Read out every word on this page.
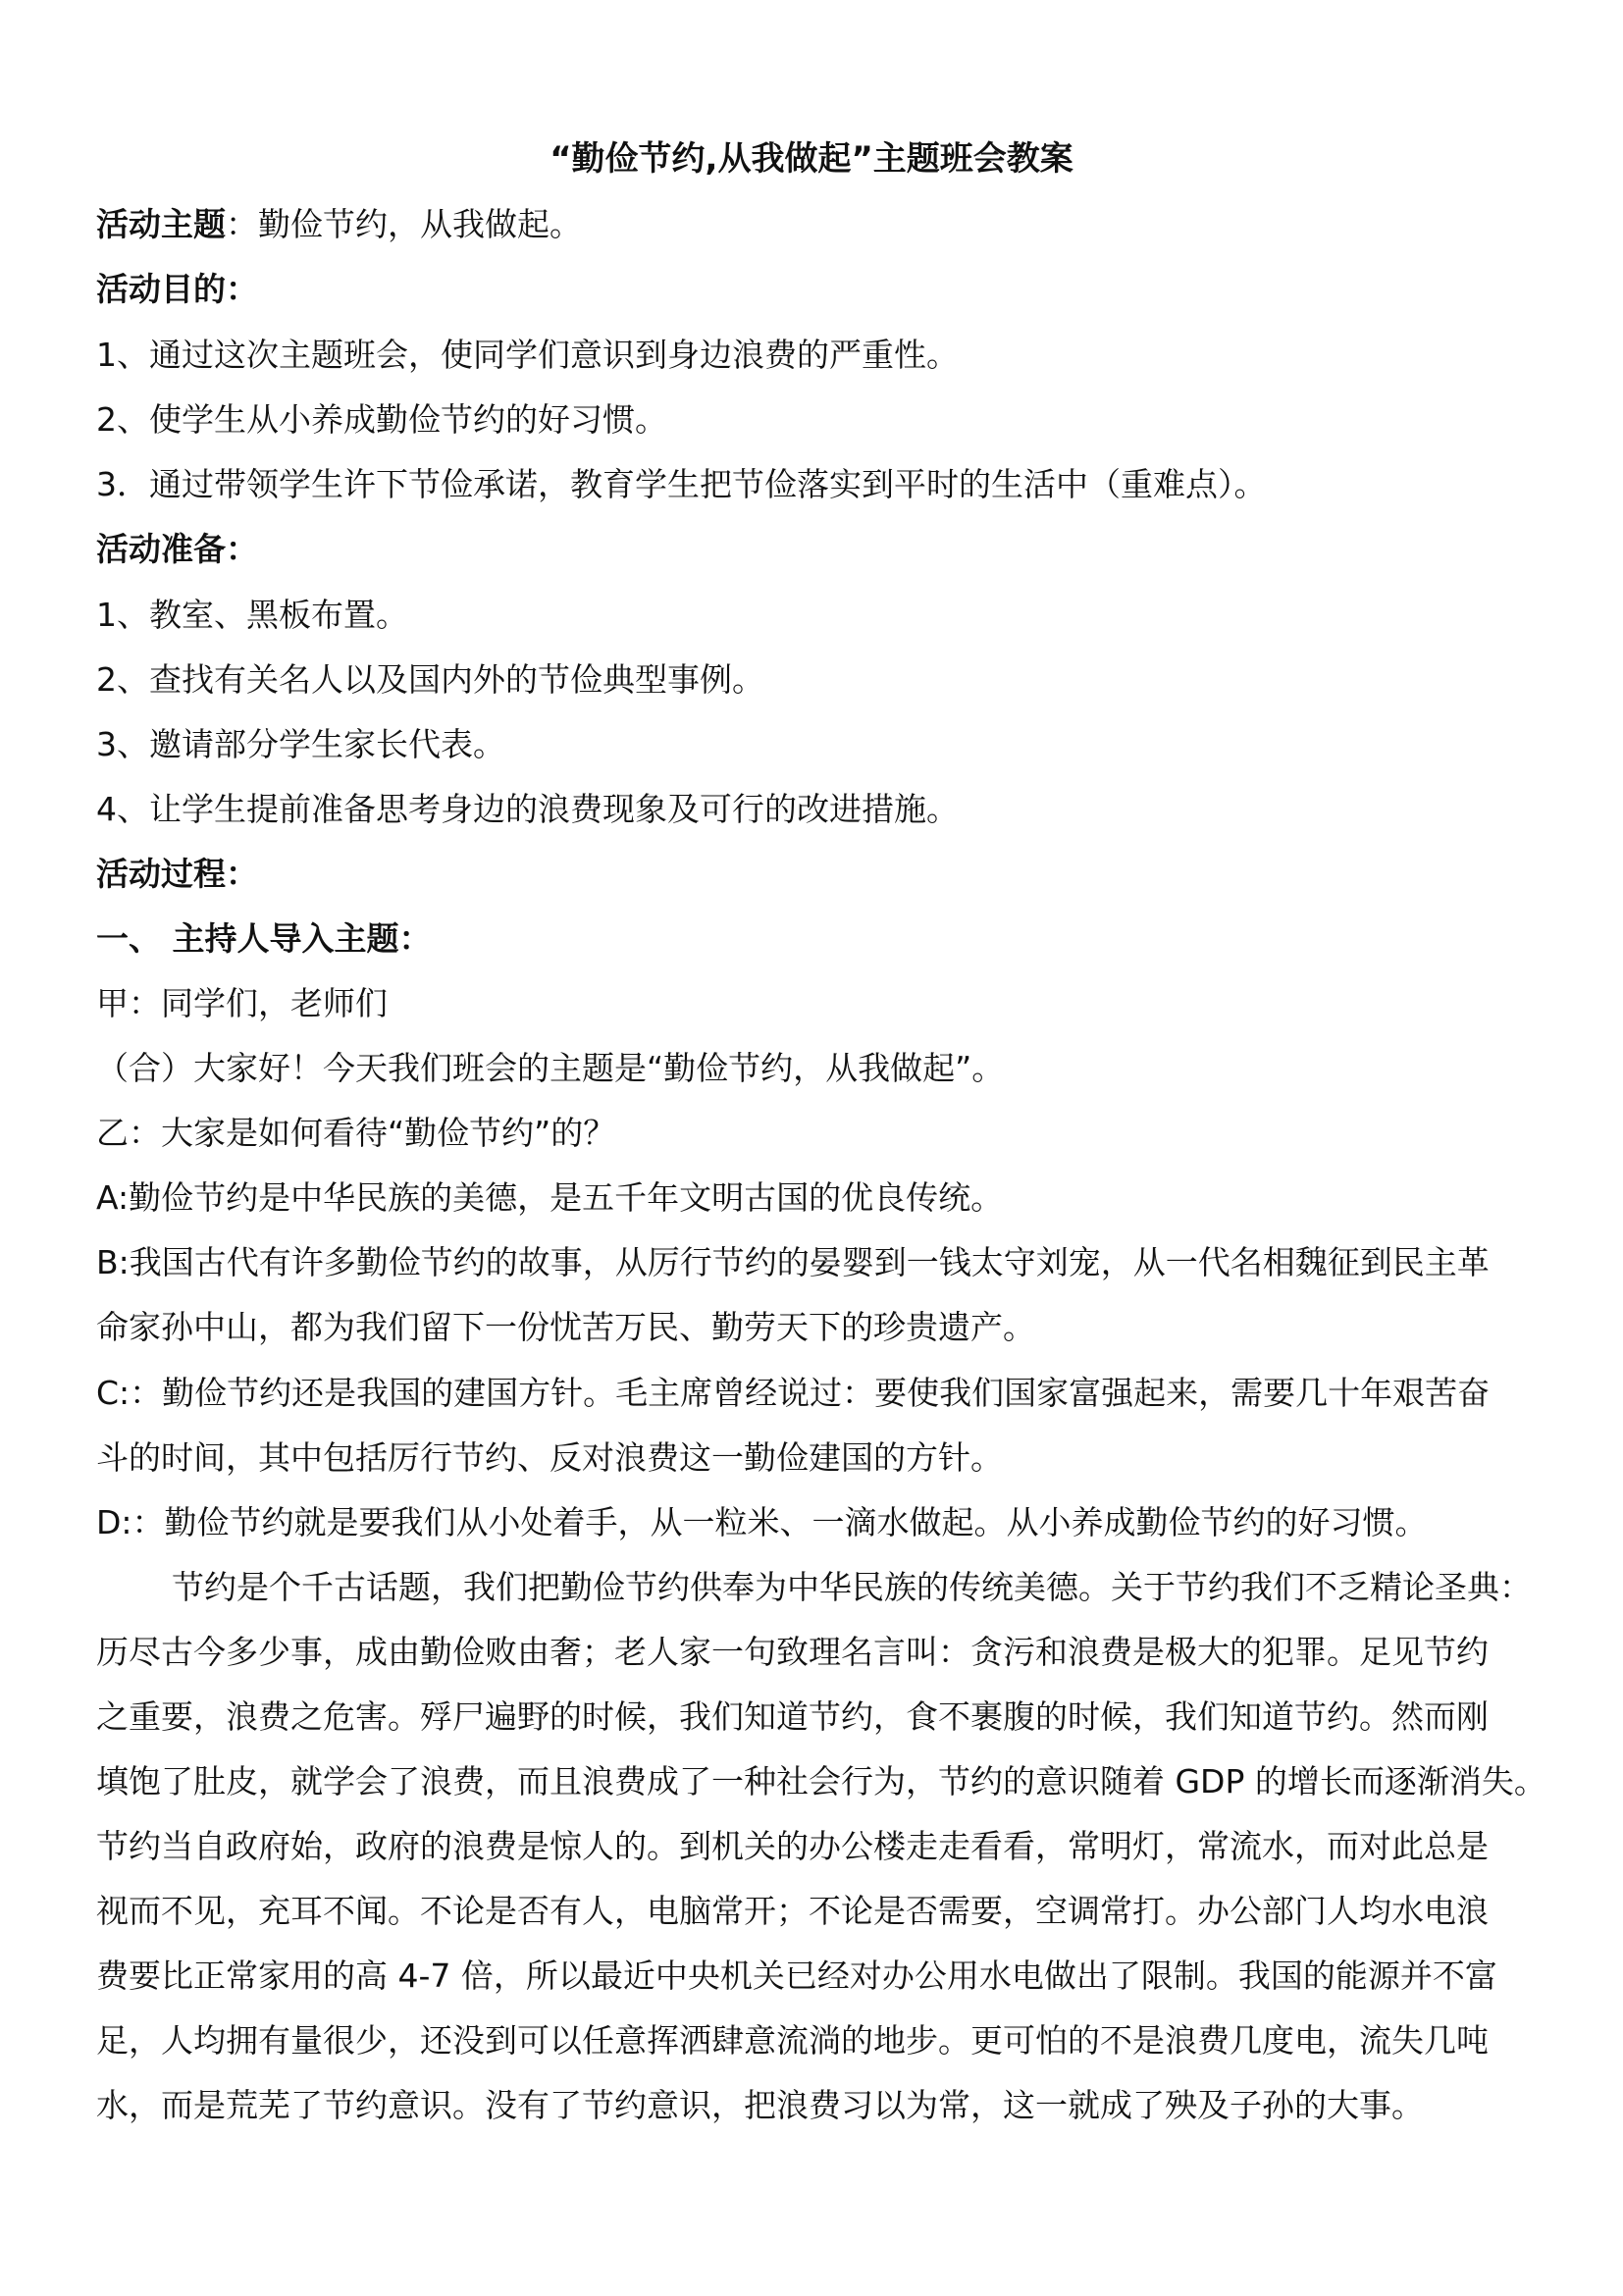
“勤俭节约,从我做起”主题班会教案
活动主题：勤俭节约，从我做起。
活动目的：
1、通过这次主题班会，使同学们意识到身边浪费的严重性。
2、使学生从小养成勤俭节约的好习惯。
3．通过带领学生许下节俭承诺，教育学生把节俭落实到平时的生活中（重难点）。
活动准备：
1、教室、黑板布置。
2、查找有关名人以及国内外的节俭典型事例。
3、邀请部分学生家长代表。
4、让学生提前准备思考身边的浪费现象及可行的改进措施。
活动过程：
一、 主持人导入主题：
甲：同学们，老师们
（合）大家好！今天我们班会的主题是“勤俭节约，从我做起”。
乙：大家是如何看待“勤俭节约”的？
A:勤俭节约是中华民族的美德，是五千年文明古国的优良传统。
B:我国古代有许多勤俭节约的故事，从厉行节约的晏婴到一钱太守刘宠，从一代名相魏征到民主革
命家孙中山，都为我们留下一份忧苦万民、勤劳天下的珍贵遗产。
C:：勤俭节约还是我国的建国方针。毛主席曾经说过：要使我们国家富强起来，需要几十年艰苦奋
斗的时间，其中包括厉行节约、反对浪费这一勤俭建国的方针。
D:：勤俭节约就是要我们从小处着手，从一粒米、一滴水做起。从小养成勤俭节约的好习惯。
节约是个千古话题，我们把勤俭节约供奉为中华民族的传统美德。关于节约我们不乏精论圣典：
历尽古今多少事，成由勤俭败由奢；老人家一句致理名言叫：贪污和浪费是极大的犯罪。足见节约
之重要，浪费之危害。殍尸遍野的时候，我们知道节约，食不裹腹的时候，我们知道节约。然而刚
填饱了肚皮，就学会了浪费，而且浪费成了一种社会行为，节约的意识随着 GDP 的增长而逐渐消失。
节约当自政府始，政府的浪费是惊人的。到机关的办公楼走走看看，常明灯，常流水，而对此总是
视而不见，充耳不闻。不论是否有人，电脑常开；不论是否需要，空调常打。办公部门人均水电浪
费要比正常家用的高 4-7 倍，所以最近中央机关已经对办公用水电做出了限制。我国的能源并不富
足，人均拥有量很少，还没到可以任意挥洒肆意流淌的地步。更可怕的不是浪费几度电，流失几吨
水，而是荒芜了节约意识。没有了节约意识，把浪费习以为常，这一就成了殃及子孙的大事。
